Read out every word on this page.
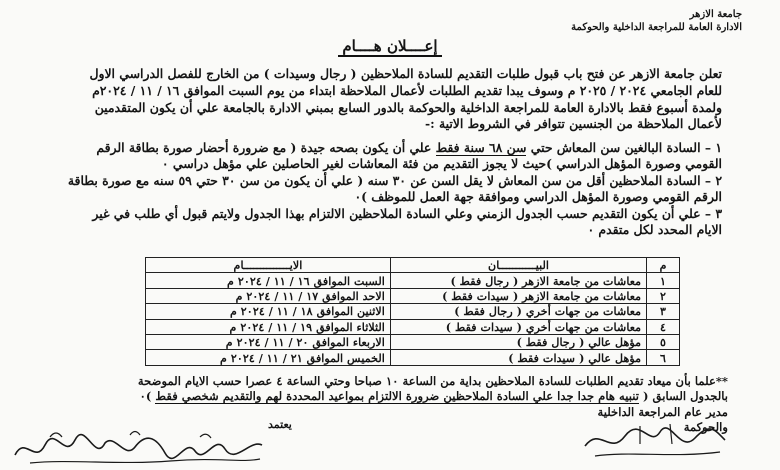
جامعة الازهر
الادارة العامة للمراجعة الداخلية والحوكمة
إعــــلان هــــام

تعلن جامعة الازهر عن فتح باب قبول طلبات التقديم للسادة الملاحظين ( رجال وسيدات ) من الخارج للفصل الدراسي الاول

للعام الجامعي ٢٠٢٤ / ٢٠٢٥ م وسوف يبدا تقديم الطلبات لأعمال الملاحظة ابتداء من يوم السبت الموافق ١٦ / ١١ / ٢٠٢٤م

ولمدة أسبوع فقط بالادارة العامة للمراجعة الداخلية والحوكمة بالدور السابع بمبني الادارة بالجامعة علي أن يكون المتقدمين

لأعمال الملاحظة من الجنسين تتوافر في الشروط الاتية :-

١ – السادة البالغين سن المعاش حتي سن ٦٨ سنة فقط علي أن يكون بصحه جيدة ( مع ضرورة أحضار صورة بطاقة الرقم

القومي وصورة المؤهل الدراسي )حيث لا يجوز التقديم من فئة المعاشات لغير الحاصلين علي مؤهل دراسي ٠

٢ – السادة الملاحظين أقل من سن المعاش لا يقل السن عن ٣٠ سنه ( علي أن يكون من سن ٣٠ حتي ٥٩ سنه مع صورة بطاقة

الرقم القومي وصورة المؤهل الدراسي وموافقة جهة العمل للموظف )٠

٣ – علي أن يكون التقديم حسب الجدول الزمني وعلي السادة الملاحظين الالتزام بهذا الجدول ولايتم قبول أي طلب في غير

الايام المحدد لكل متقدم ٠

م	البيـــــــــــان	الايــــــــــــــام
١	معاشات من جامعة الازهر ( رجال فقط )	السبت الموافق ١٦ / ١١ / ٢٠٢٤ م
٢	معاشات من جامعة الازهر ( سيدات فقط )	الاحد الموافق ١٧ / ١١ / ٢٠٢٤ م
٣	معاشات من جهات أخري ( رجال فقط )	الاثنين الموافق ١٨ / ١١ / ٢٠٢٤ م
٤	معاشات من جهات أخري ( سيدات فقط )	الثلاثاء الموافق ١٩ / ١١ / ٢٠٢٤ م
٥	مؤهل عالي ( رجال فقط )	الاربعاء الموافق ٢٠ / ١١ / ٢٠٢٤ م
٦	مؤهل عالي ( سيدات فقط )	الخميس الموافق ٢١ / ١١ / ٢٠٢٤ م

**علما بأن ميعاد تقديم الطلبات للسادة الملاحظين بداية من الساعة ١٠ صباحا وحتي الساعة ٤ عصرا حسب الايام الموضحة

بالجدول السابق ( تنبيه هام جدا جدا علي السادة الملاحظين ضرورة الالتزام بمواعيد المحددة لهم والتقديم شخصي فقط )٠

مدير عام المراجعة الداخلية

والحوكمة

يعتمد
